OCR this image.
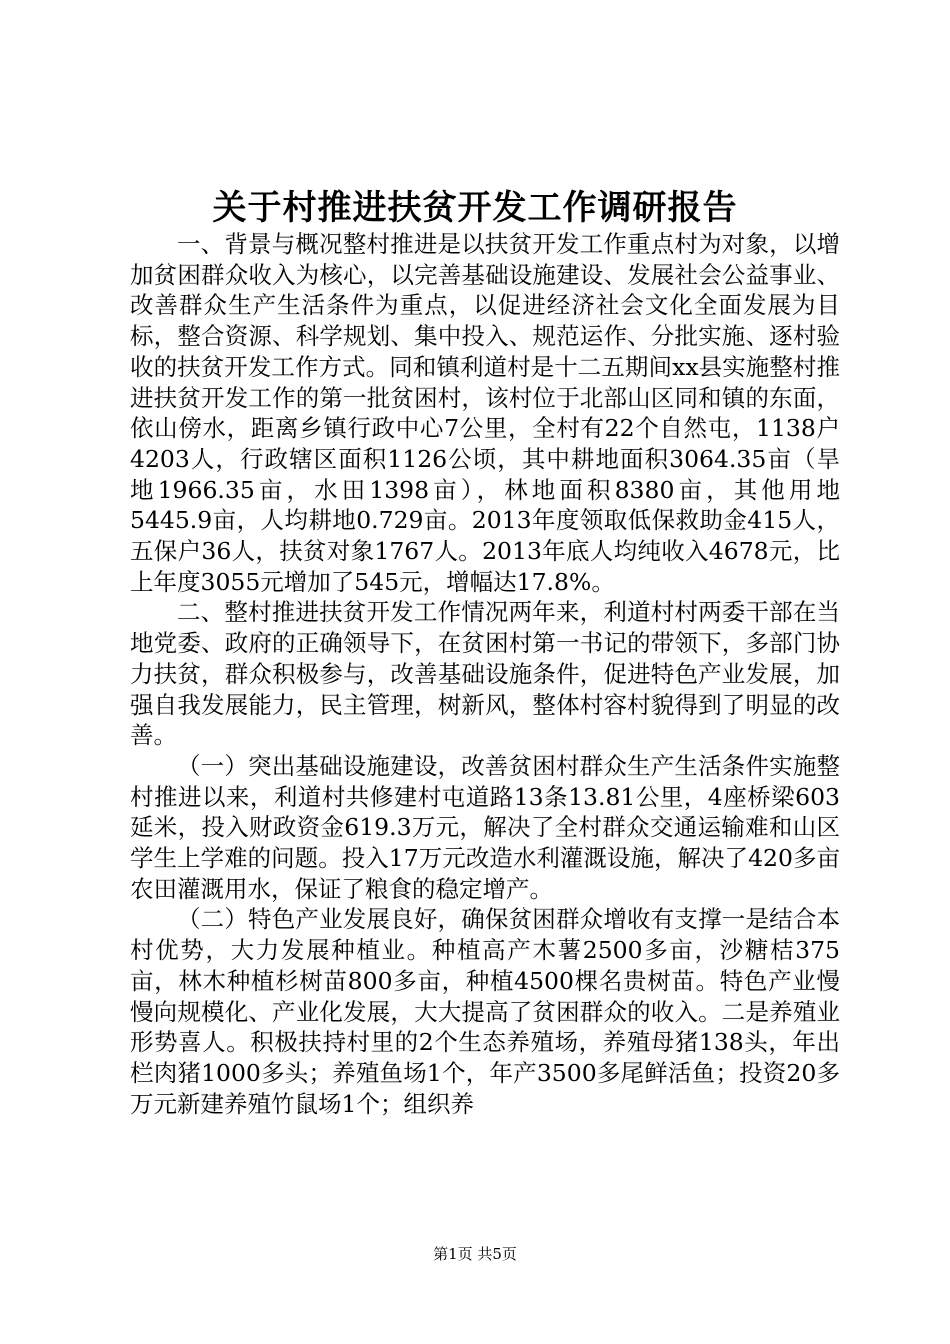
关于村推进扶贫开发工作调研报告

一、背景与概况整村推进是以扶贫开发工作重点村为对象，以增加贫困群众收入为核心，以完善基础设施建设、发展社会公益事业、改善群众生产生活条件为重点，以促进经济社会文化全面发展为目标，整合资源、科学规划、集中投入、规范运作、分批实施、逐村验收的扶贫开发工作方式。同和镇利道村是十二五期间xx县实施整村推进扶贫开发工作的第一批贫困村，该村位于北部山区同和镇的东面，依山傍水，距离乡镇行政中心7公里，全村有22个自然屯，1138户4203人，行政辖区面积1126公顷，其中耕地面积3064.35亩（旱地1966.35亩，水田1398亩），林地面积8380亩，其他用地5445.9亩，人均耕地0.729亩。2013年度领取低保救助金415人，五保户36人，扶贫对象1767人。2013年底人均纯收入4678元，比上年度3055元增加了545元，增幅达17.8%。

二、整村推进扶贫开发工作情况两年来，利道村村两委干部在当地党委、政府的正确领导下，在贫困村第一书记的带领下，多部门协力扶贫，群众积极参与，改善基础设施条件，促进特色产业发展，加强自我发展能力，民主管理，树新风，整体村容村貌得到了明显的改善。

（一）突出基础设施建设，改善贫困村群众生产生活条件实施整村推进以来，利道村共修建村屯道路13条13.81公里，4座桥梁603延米，投入财政资金619.3万元，解决了全村群众交通运输难和山区学生上学难的问题。投入17万元改造水利灌溉设施，解决了420多亩农田灌溉用水，保证了粮食的稳定增产。

（二）特色产业发展良好，确保贫困群众增收有支撑一是结合本村优势，大力发展种植业。种植高产木薯2500多亩，沙糖桔375亩，林木种植杉树苗800多亩，种植4500棵名贵树苗。特色产业慢慢向规模化、产业化发展，大大提高了贫困群众的收入。二是养殖业形势喜人。积极扶持村里的2个生态养殖场，养殖母猪138头，年出栏肉猪1000多头；养殖鱼场1个，年产3500多尾鲜活鱼；投资20多万元新建养殖竹鼠场1个；组织养

第1页 共5页
